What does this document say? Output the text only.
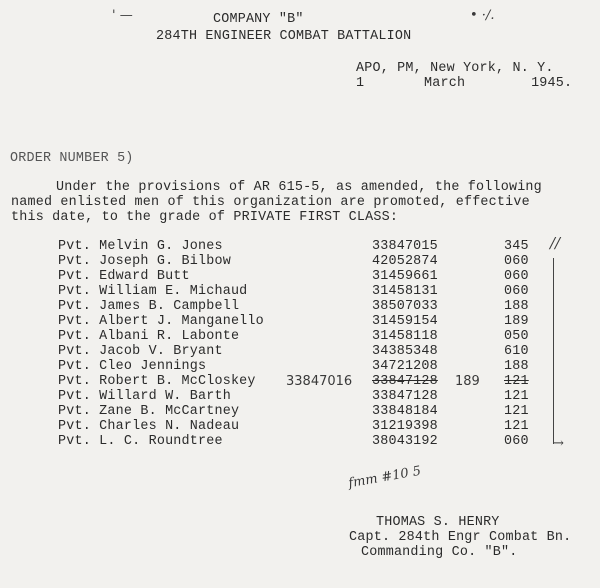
' —	• ·/.
COMPANY "B"
284TH ENGINEER COMBAT BATTALION
APO, PM, New York, N. Y.
1	March        1945.
ORDER NUMBER 5)
Under the provisions of AR 615-5, as amended, the following
named enlisted men of this organization are promoted, effective
this date, to the grade of PRIVATE FIRST CLASS:
Pvt. Melvin G. Jones	33847015	345
Pvt. Joseph G. Bilbow	42052874	060
Pvt. Edward Butt	31459661	060
Pvt. William E. Michaud	31458131	060
Pvt. James B. Campbell	38507033	188
Pvt. Albert J. Manganello	31459154	189
Pvt. Albani R. Labonte	31458118	050
Pvt. Jacob V. Bryant	34385348	610
Pvt. Cleo Jennings	34721208	188
Pvt. Robert B. McCloskey 33847016 33847128 189 121
Pvt. Willard W. Barth	33847128	121
Pvt. Zane B. McCartney	33848184	121
Pvt. Charles N. Nadeau	31219398	121
Pvt. L. C. Roundtree	38043192	060
//
→
fmm #10 5
THOMAS S. HENRY
Capt. 284th Engr Combat Bn.
Commanding Co. "B".
